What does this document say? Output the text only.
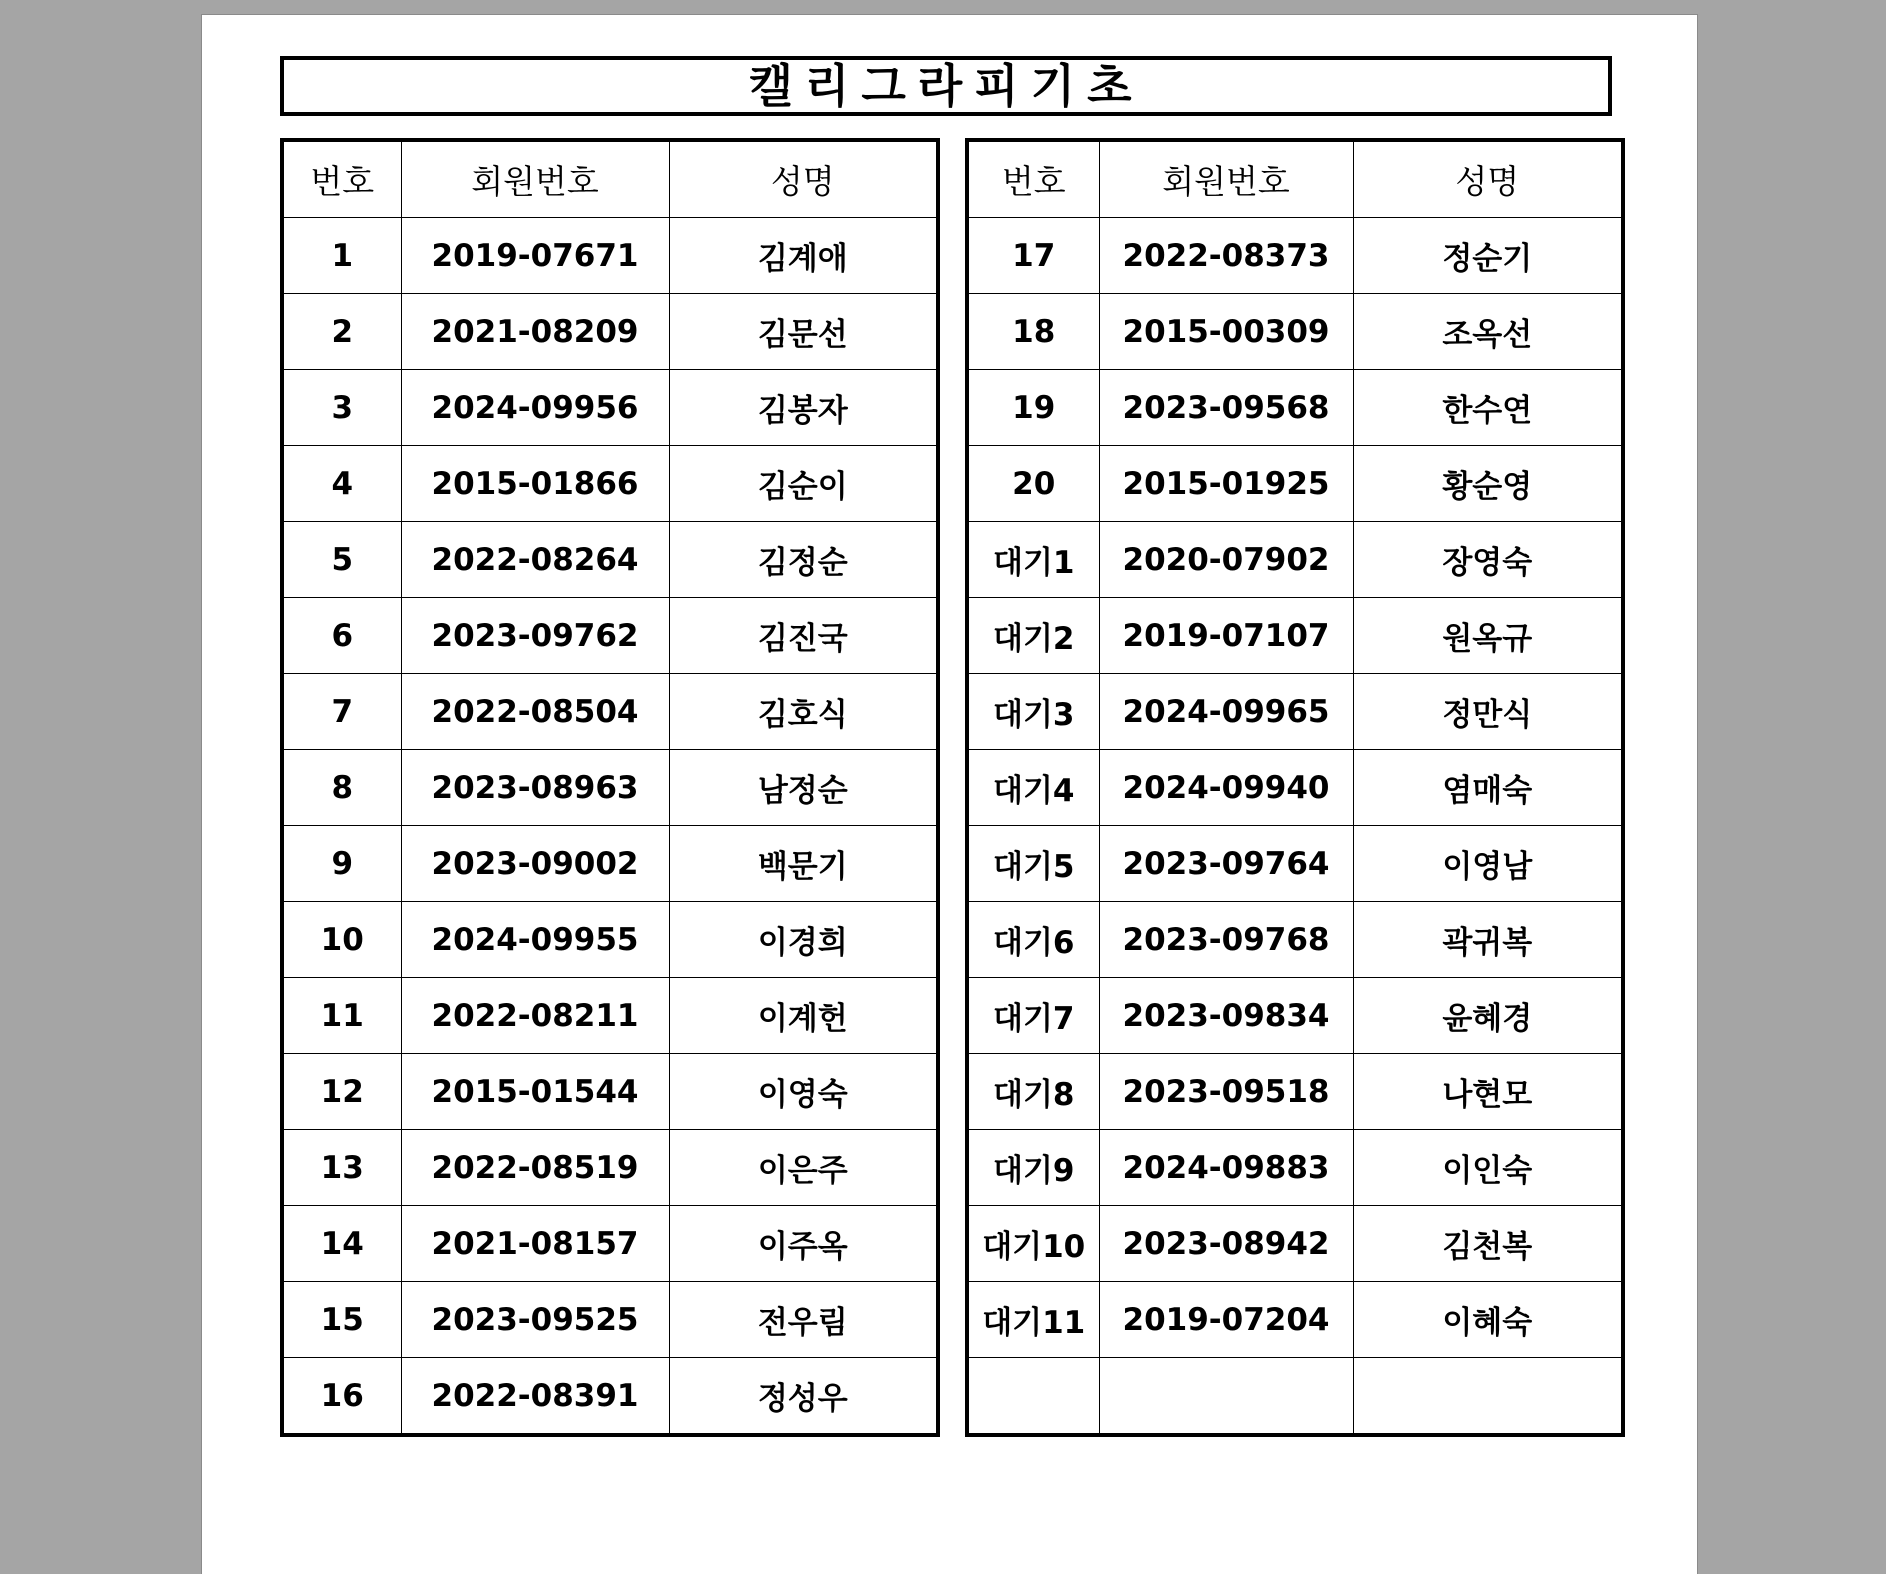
캘리그라피기초
번호	회원번호	성명
1	2019-07671	김계애
2	2021-08209	김문선
3	2024-09956	김봉자
4	2015-01866	김순이
5	2022-08264	김정순
6	2023-09762	김진국
7	2022-08504	김호식
8	2023-08963	남정순
9	2023-09002	백문기
10	2024-09955	이경희
11	2022-08211	이계헌
12	2015-01544	이영숙
13	2022-08519	이은주
14	2021-08157	이주옥
15	2023-09525	전우림
16	2022-08391	정성우
번호	회원번호	성명
17	2022-08373	정순기
18	2015-00309	조옥선
19	2023-09568	한수연
20	2015-01925	황순영
대기1	2020-07902	장영숙
대기2	2019-07107	원옥규
대기3	2024-09965	정만식
대기4	2024-09940	염매숙
대기5	2023-09764	이영남
대기6	2023-09768	곽귀복
대기7	2023-09834	윤혜경
대기8	2023-09518	나현모
대기9	2024-09883	이인숙
대기10	2023-08942	김천복
대기11	2019-07204	이혜숙
